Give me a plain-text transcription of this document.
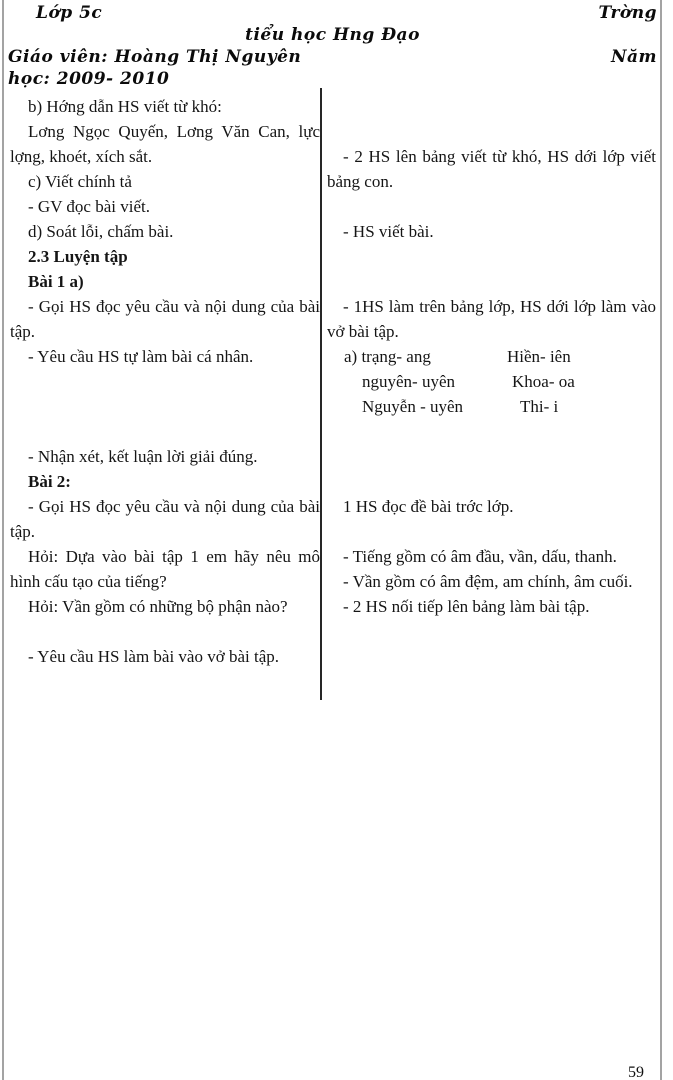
Lớp 5c	Trờng
tiểu học Hng Đạo
Giáo viên: Hoàng Thị Nguyên	Năm
học: 2009- 2010

b) Hớng dẫn HS viết từ khó:

Lơng Ngọc Quyến, Lơng Văn Can, lực lợng, khoét, xích sắt.

c) Viết chính tả

- GV đọc bài viết.

d) Soát lỗi, chấm bài.

2.3 Luyện tập

Bài 1 a)

- Gọi HS đọc yêu cầu và nội dung của bài tập.

- Yêu cầu HS tự làm bài cá nhân.

- Nhận xét, kết luận lời giải đúng.

Bài 2:

- Gọi HS đọc yêu cầu và nội dung của bài tập.

Hỏi: Dựa vào bài tập 1 em hãy nêu mô hình cấu tạo của tiếng?

Hỏi: Vần gồm có những bộ phận nào?

- Yêu cầu HS làm bài vào vở bài tập.

- 2 HS lên bảng viết từ khó, HS dới lớp viết bảng con.

- HS viết bài.

- 1HS làm trên bảng lớp, HS dới lớp làm vào vở bài tập.

a) trạng- ang	Hiền- iên
nguyên- uyên	Khoa- oa
Nguyễn - uyên	Thi- i

1 HS đọc đề bài trớc lớp.

- Tiếng gồm có âm đầu, vần, dấu, thanh.

- Vần gồm có âm đệm, am chính, âm cuối.

- 2 HS nối tiếp lên bảng làm bài tập.

59
